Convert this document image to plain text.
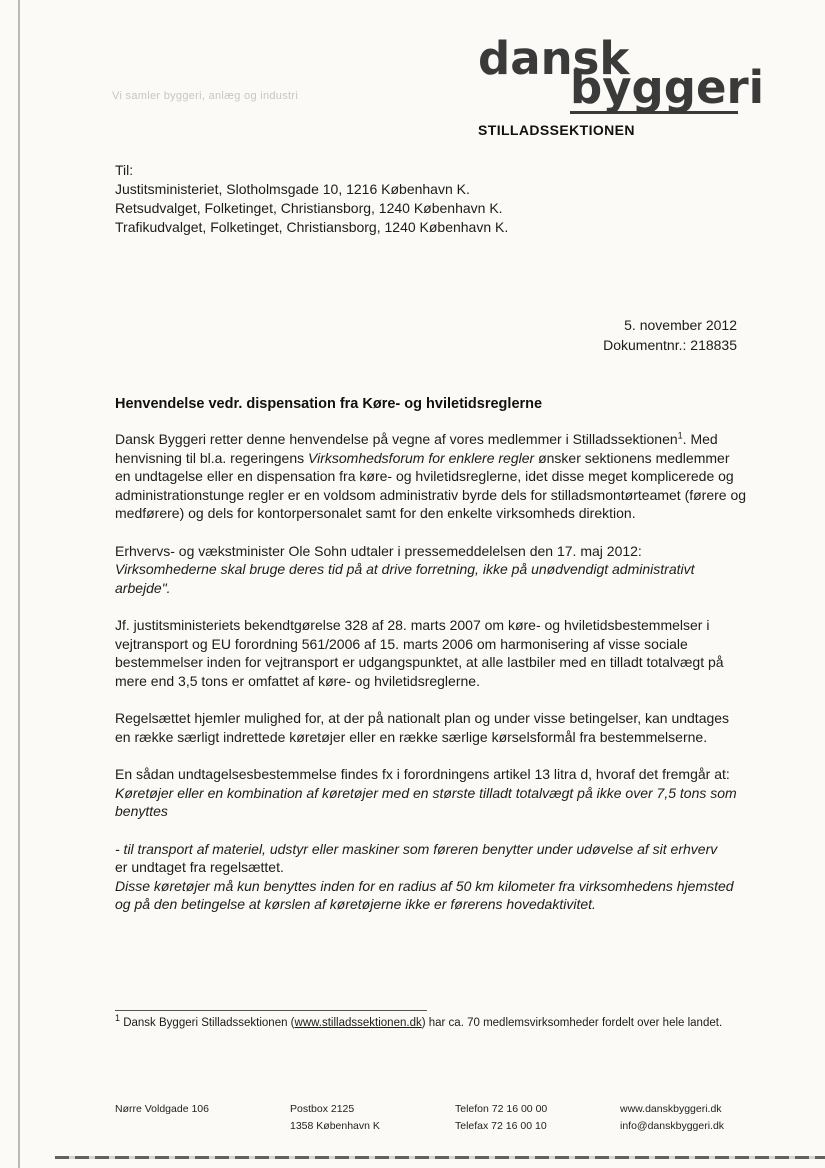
Vi samler byggeri, anlæg og industri
dansk
byggeri
STILLADSSEKTIONEN
Til:
Justitsministeriet, Slotholmsgade 10, 1216 København K.
Retsudvalget, Folketinget, Christiansborg, 1240 København K.
Trafikudvalget, Folketinget, Christiansborg, 1240 København K.
5. november 2012
Dokumentnr.: 218835
Henvendelse vedr. dispensation fra Køre- og hviletidsreglerne

Dansk Byggeri retter denne henvendelse på vegne af vores medlemmer i Stilladssektionen$^1$. Med henvisning til bl.a. regeringens Virksomhedsforum for enklere regler ønsker sektionens medlemmer en undtagelse eller en dispensation fra køre- og hviletidsreglerne, idet disse meget komplicerede og administrationstunge regler er en voldsom administrativ byrde dels for stilladsmontørteamet (førere og medførere) og dels for kontorpersonalet samt for den enkelte virksomheds direktion.

Erhvervs- og vækstminister Ole Sohn udtaler i pressemeddelelsen den 17. maj 2012: Virksomhederne skal bruge deres tid på at drive forretning, ikke på unødvendigt administrativt arbejde".

Jf. justitsministeriets bekendtgørelse 328 af 28. marts 2007 om køre- og hviletidsbestemmelser i vejtransport og EU forordning 561/2006 af 15. marts 2006 om harmonisering af visse sociale bestemmelser inden for vejtransport er udgangspunktet, at alle lastbiler med en tilladt totalvægt på mere end 3,5 tons er omfattet af køre- og hviletidsreglerne.

Regelsættet hjemler mulighed for, at der på nationalt plan og under visse betingelser, kan undtages en række særligt indrettede køretøjer eller en række særlige kørselsformål fra bestemmelserne.

En sådan undtagelsesbestemmelse findes fx i forordningens artikel 13 litra d, hvoraf det fremgår at:
Køretøjer eller en kombination af køretøjer med en største tilladt totalvægt på ikke over 7,5 tons som benyttes

- til transport af materiel, udstyr eller maskiner som føreren benytter under udøvelse af sit erhverv
er undtaget fra regelsættet.
Disse køretøjer må kun benyttes inden for en radius af 50 km kilometer fra virksomhedens hjemsted og på den betingelse at kørslen af køretøjerne ikke er førerens hovedaktivitet.

$^1$ Dansk Byggeri Stilladssektionen (www.stilladssektionen.dk) har ca. 70 medlemsvirksomheder fordelt over hele landet.
Nørre Voldgade 106	Postbox 2125
1358 København K
Telefon 72 16 00 00
Telefax 72 16 00 10
www.danskbyggeri.dk
info@danskbyggeri.dk
